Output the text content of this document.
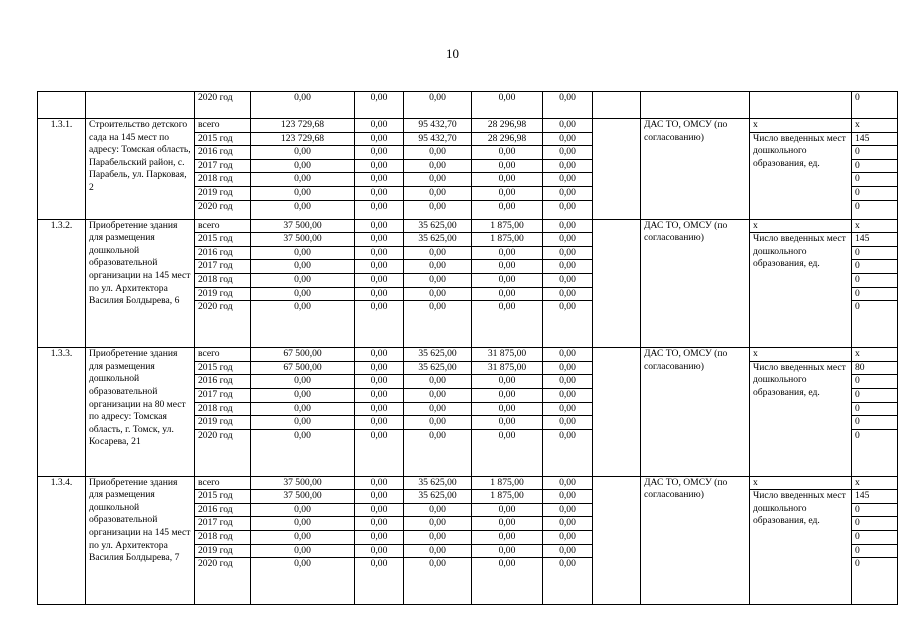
10
		2020 год	0,00	0,00	0,00	0,00	0,00				0
1.3.1.	Строительство детского сада на 145 мест по адресу: Томская область, Парабельский район, с. Парабель, ул. Парковая, 2	всего	123 729,68	0,00	95 432,70	28 296,98	0,00		ДАС ТО, ОМСУ (по согласованию)	x	x
		2015 год	123 729,68	0,00	95 432,70	28 296,98	0,00			Число введенных мест дошкольного образования, ед.	145
		2016 год	0,00	0,00	0,00	0,00	0,00				0
		2017 год	0,00	0,00	0,00	0,00	0,00				0
		2018 год	0,00	0,00	0,00	0,00	0,00				0
		2019 год	0,00	0,00	0,00	0,00	0,00				0
		2020 год	0,00	0,00	0,00	0,00	0,00				0
1.3.2.	Приобретение здания для размещения дошкольной образовательной организации на 145 мест по ул. Архитектора Василия Болдырева, 6	всего	37 500,00	0,00	35 625,00	1 875,00	0,00		ДАС ТО, ОМСУ (по согласованию)	x	x
		2015 год	37 500,00	0,00	35 625,00	1 875,00	0,00			Число введенных мест дошкольного образования, ед.	145
		2016 год	0,00	0,00	0,00	0,00	0,00				0
		2017 год	0,00	0,00	0,00	0,00	0,00				0
		2018 год	0,00	0,00	0,00	0,00	0,00				0
		2019 год	0,00	0,00	0,00	0,00	0,00				0
		2020 год	0,00	0,00	0,00	0,00	0,00				0
1.3.3.	Приобретение здания для размещения дошкольной образовательной организации на 80 мест по адресу: Томская область, г. Томск, ул. Косарева, 21	всего	67 500,00	0,00	35 625,00	31 875,00	0,00		ДАС ТО, ОМСУ (по согласованию)	x	x
		2015 год	67 500,00	0,00	35 625,00	31 875,00	0,00			Число введенных мест дошкольного образования, ед.	80
		2016 год	0,00	0,00	0,00	0,00	0,00				0
		2017 год	0,00	0,00	0,00	0,00	0,00				0
		2018 год	0,00	0,00	0,00	0,00	0,00				0
		2019 год	0,00	0,00	0,00	0,00	0,00				0
		2020 год	0,00	0,00	0,00	0,00	0,00				0
1.3.4.	Приобретение здания для размещения дошкольной образовательной организации на 145 мест по ул. Архитектора Василия Болдырева, 7	всего	37 500,00	0,00	35 625,00	1 875,00	0,00		ДАС ТО, ОМСУ (по согласованию)	x	x
		2015 год	37 500,00	0,00	35 625,00	1 875,00	0,00			Число введенных мест дошкольного образования, ед.	145
		2016 год	0,00	0,00	0,00	0,00	0,00				0
		2017 год	0,00	0,00	0,00	0,00	0,00				0
		2018 год	0,00	0,00	0,00	0,00	0,00				0
		2019 год	0,00	0,00	0,00	0,00	0,00				0
		2020 год	0,00	0,00	0,00	0,00	0,00				0
